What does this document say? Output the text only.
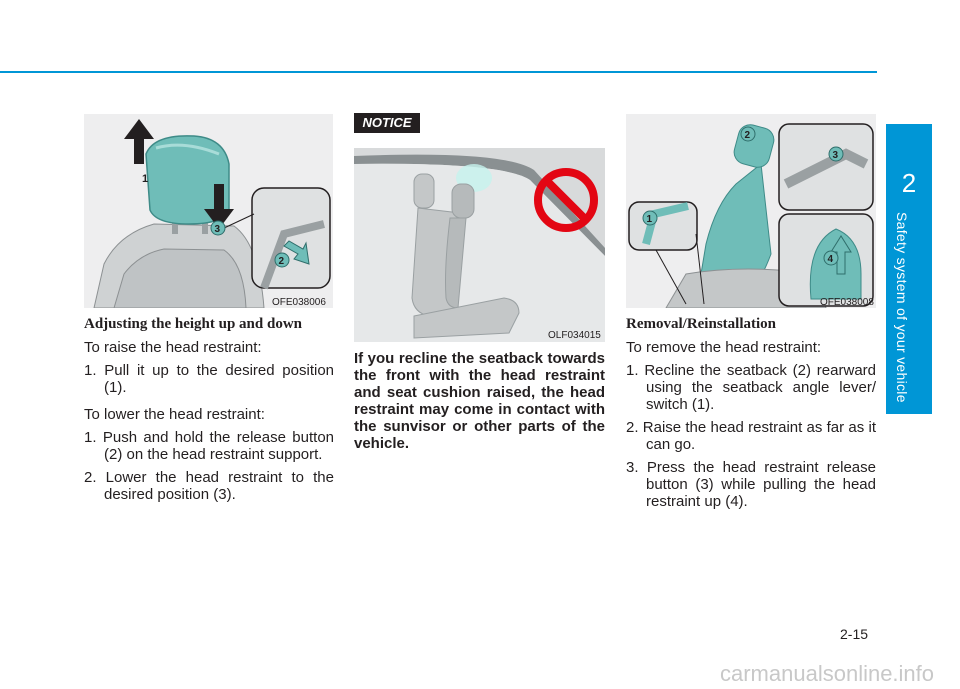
2
Safety system of your vehicle
1
2
3
OFE038006
OLF034015
1
2
3
4
OFE038008
Adjusting the height up and down
To raise the head restraint:
1. Pull it up to the desired position (1).
To lower the head restraint:
1. Push and hold the release button (2) on the head restraint support.
2. Lower the head restraint to the desired position (3).
NOTICE
If you recline the seatback towards the front with the head restraint and seat cushion raised, the head restraint may come in contact with the sunvisor or other parts of the vehicle.
Removal/Reinstallation
To remove the head restraint:
1. Recline the seatback (2) rearward using the seatback angle lever/ switch (1).
2. Raise the head restraint as far as it can go.
3. Press the head restraint release button (3) while pulling the head restraint up (4).
2-15
carmanualsonline.info
